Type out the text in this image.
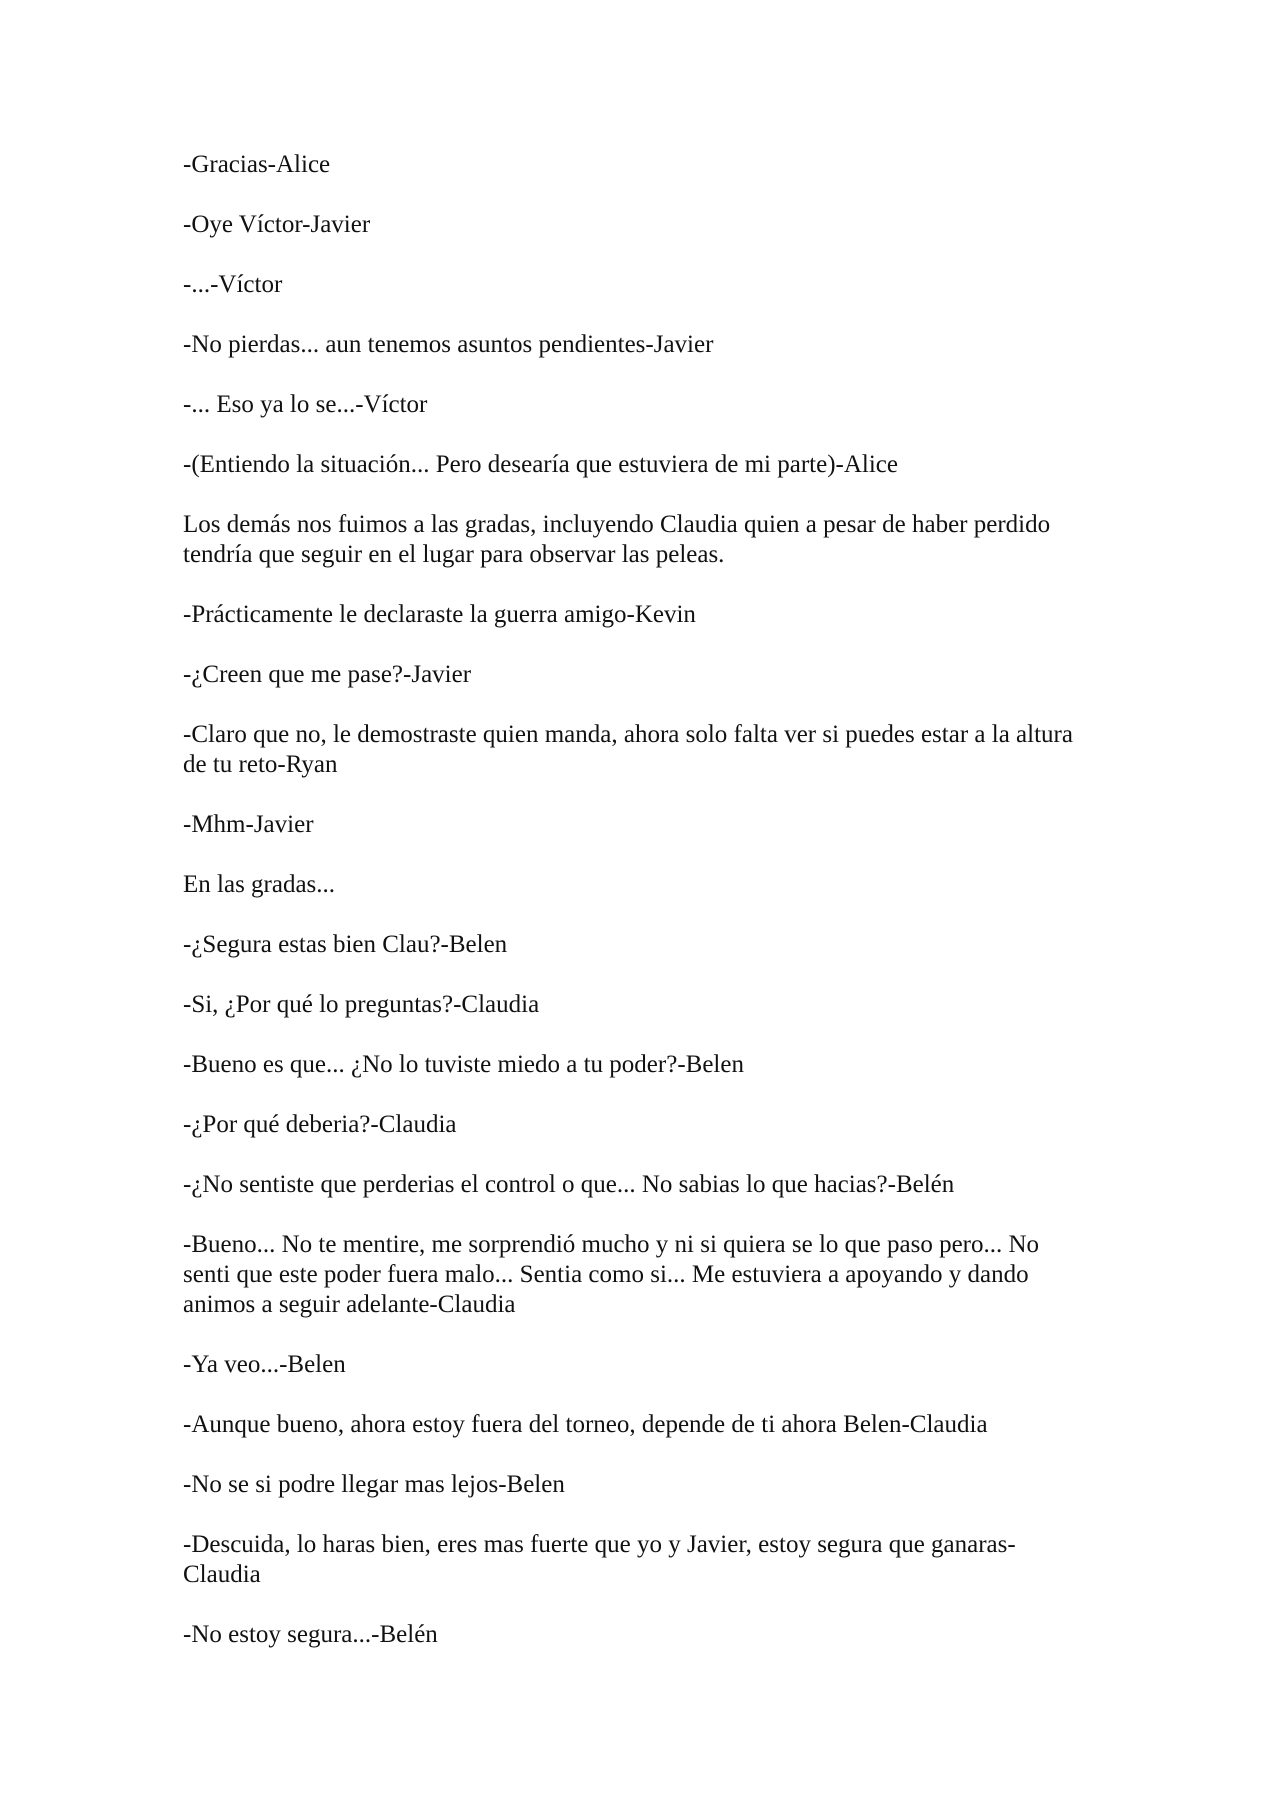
-Gracias-Alice

-Oye Víctor-Javier

-...-Víctor

-No pierdas... aun tenemos asuntos pendientes-Javier

-... Eso ya lo se...-Víctor

-(Entiendo la situación... Pero desearía que estuviera de mi parte)-Alice

Los demás nos fuimos a las gradas, incluyendo Claudia quien a pesar de haber perdido tendría que seguir en el lugar para observar las peleas.

-Prácticamente le declaraste la guerra amigo-Kevin

-¿Creen que me pase?-Javier

-Claro que no, le demostraste quien manda, ahora solo falta ver si puedes estar a la altura de tu reto-Ryan

-Mhm-Javier

En las gradas...

-¿Segura estas bien Clau?-Belen

-Si, ¿Por qué lo preguntas?-Claudia

-Bueno es que... ¿No lo tuviste miedo a tu poder?-Belen

-¿Por qué deberia?-Claudia

-¿No sentiste que perderias el control o que... No sabias lo que hacias?-Belén

-Bueno... No te mentire, me sorprendió mucho y ni si quiera se lo que paso pero... No senti que este poder fuera malo... Sentia como si... Me estuviera a apoyando y dando animos a seguir adelante-Claudia

-Ya veo...-Belen

-Aunque bueno, ahora estoy fuera del torneo, depende de ti ahora Belen-Claudia

-No se si podre llegar mas lejos-Belen

-Descuida, lo haras bien, eres mas fuerte que yo y Javier, estoy segura que ganaras-Claudia

-No estoy segura...-Belén
